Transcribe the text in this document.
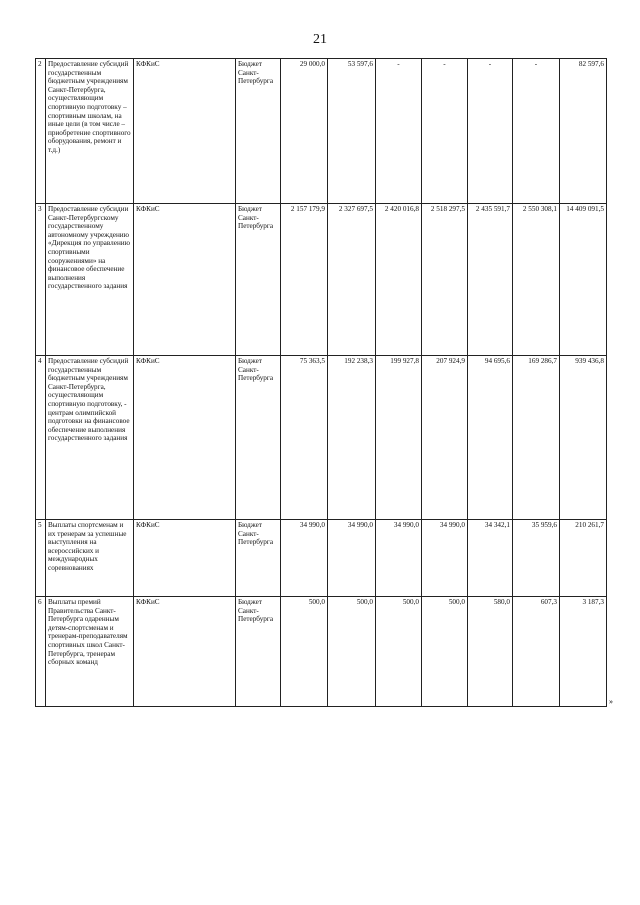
21
2	Предоставление субсидий государственным бюджетным учреждениям Санкт-Петербурга, осуществляющим спортивную подготовку – спортивным школам, на иные цели (в том числе – приобретение спортивного оборудования, ремонт и т.д.)	КФКиС	Бюджет Санкт-Петербурга	29 000,0	53 597,6	-	-	-	-	82 597,6
3	Предоставление субсидии Санкт-Петербургскому государственному автономному учреждению «Дирекция по управлению спортивными сооружениями» на финансовое обеспечение выполнения государственного задания	КФКиС	Бюджет Санкт-Петербурга	2 157 179,9	2 327 697,5	2 420 016,8	2 518 297,5	2 435 591,7	2 550 308,1	14 409 091,5
4	Предоставление субсидий государственным бюджетным учреждениям Санкт-Петербурга, осуществляющим спортивную подготовку, - центрам олимпийской подготовки на финансовое обеспечение выполнения государственного задания	КФКиС	Бюджет Санкт-Петербурга	75 363,5	192 238,3	199 927,8	207 924,9	94 695,6	169 286,7	939 436,8
5	Выплаты спортсменам и их тренерам за успешные выступления на всероссийских и международных соревнованиях	КФКиС	Бюджет Санкт-Петербурга	34 990,0	34 990,0	34 990,0	34 990,0	34 342,1	35 959,6	210 261,7
6	Выплаты премий Правительства Санкт-Петербурга одаренным детям-спортсменам и тренерам-преподавателям спортивных школ Санкт-Петербурга, тренерам сборных команд	КФКиС	Бюджет Санкт-Петербурга	500,0	500,0	500,0	500,0	580,0	607,3	3 187,3
»
